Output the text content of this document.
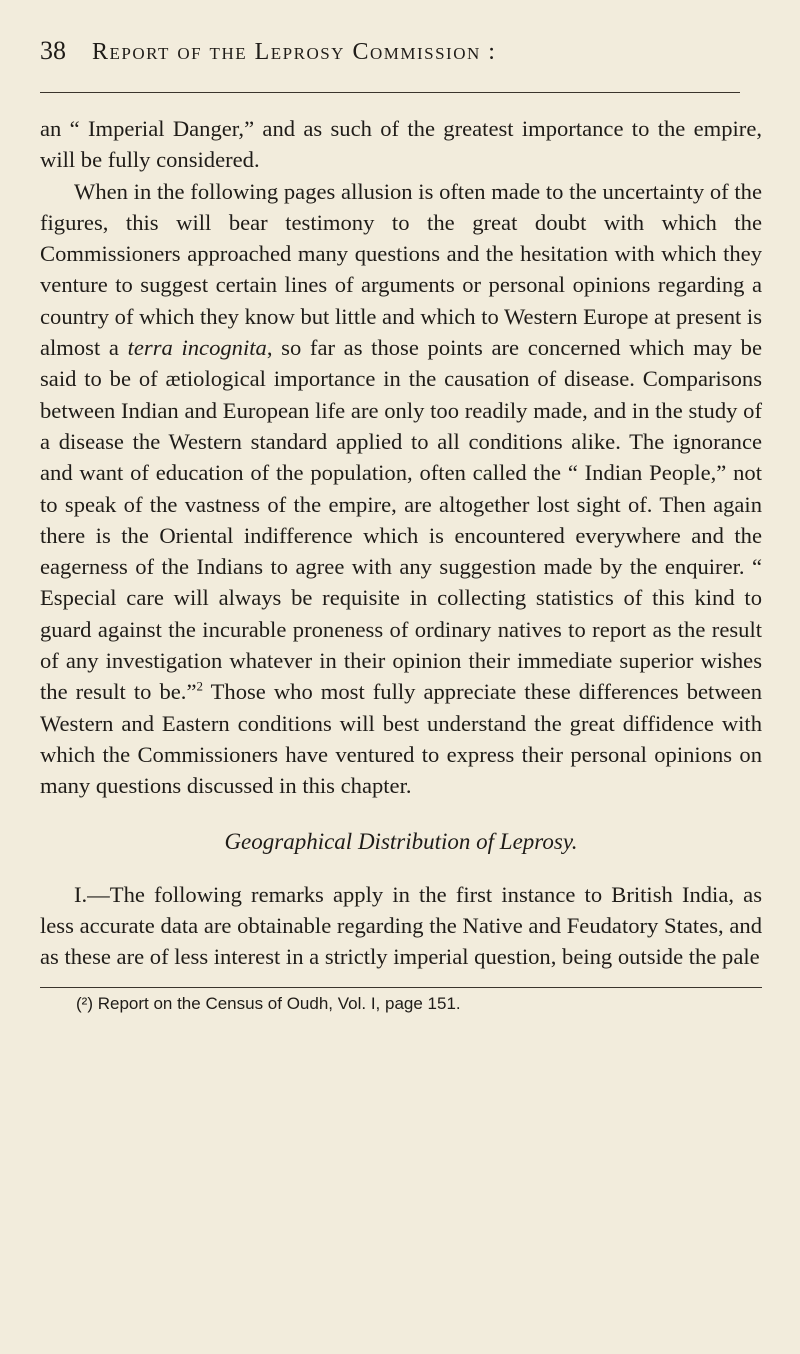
38 Report of the Leprosy Commission :

an “ Imperial Danger,” and as such of the greatest importance to the empire, will be fully considered.

When in the following pages allusion is often made to the uncertainty of the figures, this will bear testimony to the great doubt with which the Commissioners approached many questions and the hesitation with which they venture to suggest certain lines of arguments or personal opinions regarding a country of which they know but little and which to Western Europe at present is almost a terra incognita, so far as those points are concerned which may be said to be of ætiological importance in the causation of disease. Comparisons between Indian and European life are only too readily made, and in the study of a disease the Western standard applied to all conditions alike. The ignorance and want of education of the population, often called the “ Indian People,” not to speak of the vastness of the empire, are altogether lost sight of. Then again there is the Oriental indifference which is encountered everywhere and the eagerness of the Indians to agree with any suggestion made by the enquirer. “ Especial care will always be requisite in collecting statistics of this kind to guard against the incurable proneness of ordinary natives to report as the result of any investigation whatever in their opinion their immediate superior wishes the result to be.”$^2$ Those who most fully appreciate these differences between Western and Eastern conditions will best understand the great diffidence with which the Commissioners have ventured to express their personal opinions on many questions discussed in this chapter.

Geographical Distribution of Leprosy.

I.—The following remarks apply in the first instance to British India, as less accurate data are obtainable regarding the Native and Feudatory States, and as these are of less interest in a strictly imperial question, being outside the pale

(²) Report on the Census of Oudh, Vol. I, page 151.
